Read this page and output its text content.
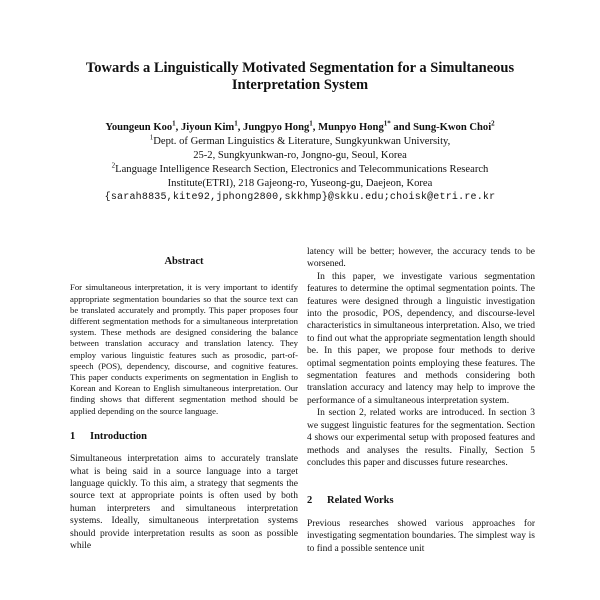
Towards a Linguistically Motivated Segmentation for a Simultaneous Interpretation System
Youngeun Koo$^1$, Jiyoun Kim$^1$, Jungpyo Hong$^1$, Munpyo Hong$^{1*}$ and Sung-Kwon Choi$^2$
$^1$Dept. of German Linguistics & Literature, Sungkyunkwan University,
25-2, Sungkyunkwan-ro, Jongno-gu, Seoul, Korea
$^2$Language Intelligence Research Section, Electronics and Telecommunications Research
Institute(ETRI), 218 Gajeong-ro, Yuseong-gu, Daejeon, Korea
{sarah8835,kite92,jphong2800,skkhmp}@skku.edu;choisk@etri.re.kr
Abstract

For simultaneous interpretation, it is very important to identify appropriate segmentation boundaries so that the source text can be translated accurately and promptly. This paper proposes four different segmentation methods for a simultaneous interpretation system. These methods are designed considering the balance between translation accuracy and translation latency. They employ various linguistic features such as prosodic, part-of-speech (POS), dependency, discourse, and cognitive features. This paper conducts experiments on segmentation in English to Korean and Korean to English simultaneous interpretation. Our finding shows that different segmentation method should be applied depending on the source language.

1 Introduction

Simultaneous interpretation aims to accurately translate what is being said in a source language into a target language quickly. To this aim, a strategy that segments the source text at appropriate points is often used by both human interpreters and simultaneous interpretation systems. Ideally, simultaneous interpretation systems should provide interpretation results as soon as possible while

latency will be better; however, the accuracy tends to be worsened.

In this paper, we investigate various segmentation features to determine the optimal segmentation points. The features were designed through a linguistic investigation into the prosodic, POS, dependency, and discourse-level characteristics in simultaneous interpretation. Also, we tried to find out what the appropriate segmentation length should be. In this paper, we propose four methods to derive optimal segmentation points employing these features. The segmentation features and methods considering both translation accuracy and latency may help to improve the performance of a simultaneous interpretation system.

In section 2, related works are introduced. In section 3 we suggest linguistic features for the segmentation. Section 4 shows our experimental setup with proposed features and methods and analyses the results. Finally, Section 5 concludes this paper and discusses future researches.

2 Related Works

Previous researches showed various approaches for investigating segmentation boundaries. The simplest way is to find a possible sentence unit
